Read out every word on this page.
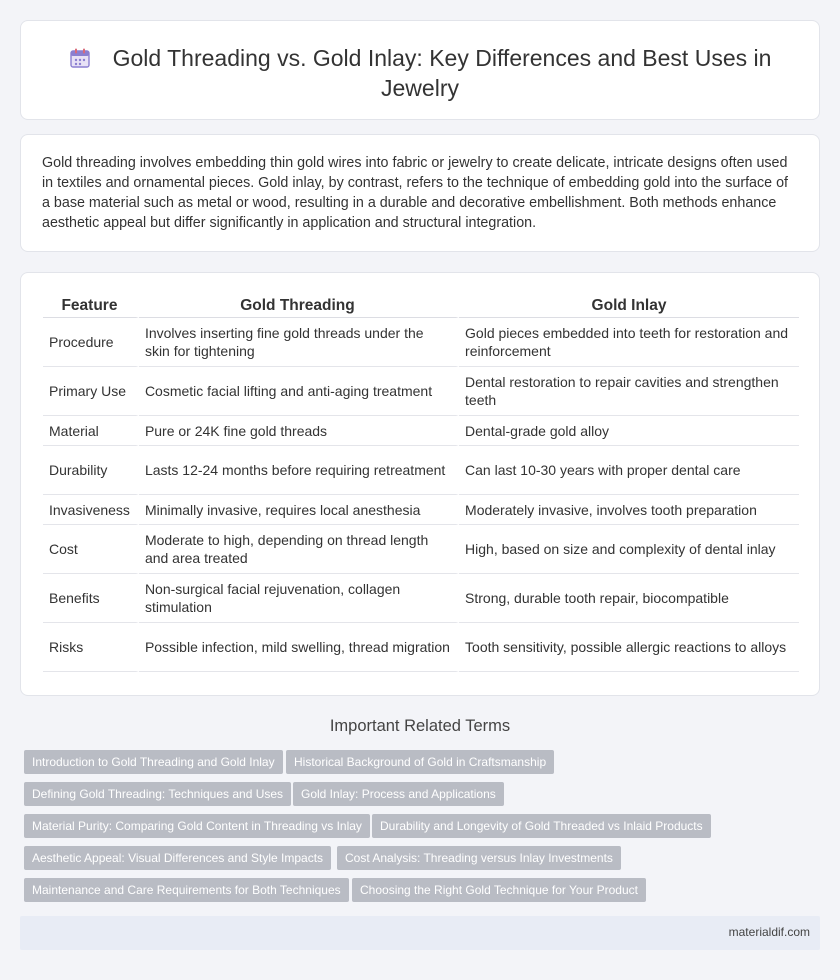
Gold Threading vs. Gold Inlay: Key Differences and Best Uses in Jewelry

Gold threading involves embedding thin gold wires into fabric or jewelry to create delicate, intricate designs often used in textiles and ornamental pieces. Gold inlay, by contrast, refers to the technique of embedding gold into the surface of a base material such as metal or wood, resulting in a durable and decorative embellishment. Both methods enhance aesthetic appeal but differ significantly in application and structural integration.

Feature	Gold Threading	Gold Inlay
Procedure	Involves inserting fine gold threads under the skin for tightening	Gold pieces embedded into teeth for restoration and reinforcement
Primary Use	Cosmetic facial lifting and anti-aging treatment	Dental restoration to repair cavities and strengthen teeth
Material	Pure or 24K fine gold threads	Dental-grade gold alloy
Durability	Lasts 12-24 months before requiring retreatment	Can last 10-30 years with proper dental care
Invasiveness	Minimally invasive, requires local anesthesia	Moderately invasive, involves tooth preparation
Cost	Moderate to high, depending on thread length and area treated	High, based on size and complexity of dental inlay
Benefits	Non-surgical facial rejuvenation, collagen stimulation	Strong, durable tooth repair, biocompatible
Risks	Possible infection, mild swelling, thread migration	Tooth sensitivity, possible allergic reactions to alloys
Important Related Terms
Introduction to Gold Threading and Gold Inlay	Historical Background of Gold in Craftsmanship
Defining Gold Threading: Techniques and Uses	Gold Inlay: Process and Applications
Material Purity: Comparing Gold Content in Threading vs Inlay	Durability and Longevity of Gold Threaded vs Inlaid Products
Aesthetic Appeal: Visual Differences and Style Impacts	Cost Analysis: Threading versus Inlay Investments
Maintenance and Care Requirements for Both Techniques	Choosing the Right Gold Technique for Your Product
materialdif.com
